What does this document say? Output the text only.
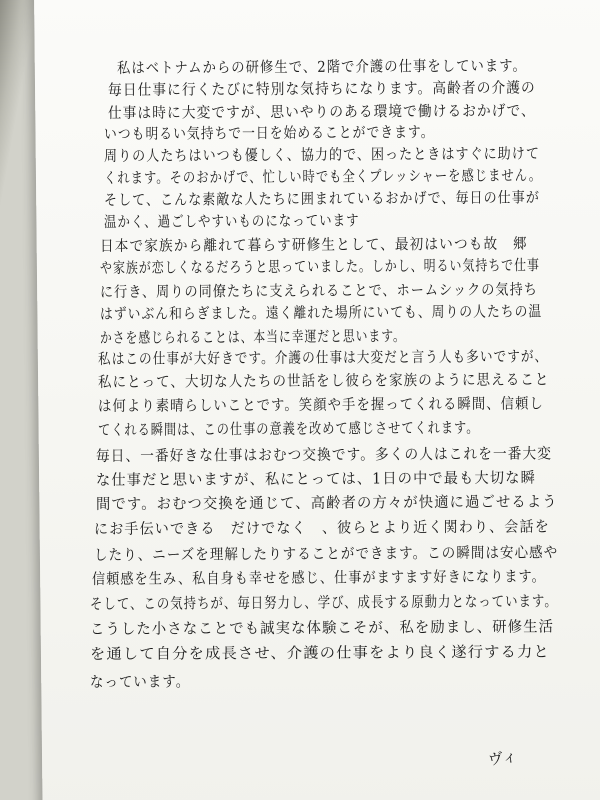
私はベトナムからの研修生で、2階で介護の仕事をしています。

毎日仕事に行くたびに特別な気持ちになります。高齢者の介護の

仕事は時に大変ですが、思いやりのある環境で働けるおかげで、

いつも明るい気持ちで一日を始めることができます。

周りの人たちはいつも優しく、協力的で、困ったときはすぐに助けて

くれます。そのおかげで、忙しい時でも全くプレッシャーを感じません。

そして、こんな素敵な人たちに囲まれているおかげで、毎日の仕事が

温かく、過ごしやすいものになっています

日本で家族から離れて暮らす研修生として、最初はいつも故　郷

や家族が恋しくなるだろうと思っていました。しかし、明るい気持ちで仕事

に行き、周りの同僚たちに支えられることで、ホームシックの気持ち

はずいぶん和らぎました。遠く離れた場所にいても、周りの人たちの温

かさを感じられることは、本当に幸運だと思います。

私はこの仕事が大好きです。介護の仕事は大変だと言う人も多いですが、

私にとって、大切な人たちの世話をし彼らを家族のように思えること

は何より素晴らしいことです。笑顔や手を握ってくれる瞬間、信頼し

てくれる瞬間は、この仕事の意義を改めて感じさせてくれます。

毎日、一番好きな仕事はおむつ交換です。多くの人はこれを一番大変

な仕事だと思いますが、私にとっては、1日の中で最も大切な瞬

間です。おむつ交換を通じて、高齢者の方々が快適に過ごせるよう

にお手伝いできる　だけでなく　、彼らとより近く関わり、会話を

したり、ニーズを理解したりすることができます。この瞬間は安心感や

信頼感を生み、私自身も幸せを感じ、仕事がますます好きになります。

そして、この気持ちが、毎日努力し、学び、成長する原動力となっています。

こうした小さなことでも誠実な体験こそが、私を励まし、研修生活

を通して自分を成長させ、介護の仕事をより良く遂行する力と

なっています。

ヴィ
